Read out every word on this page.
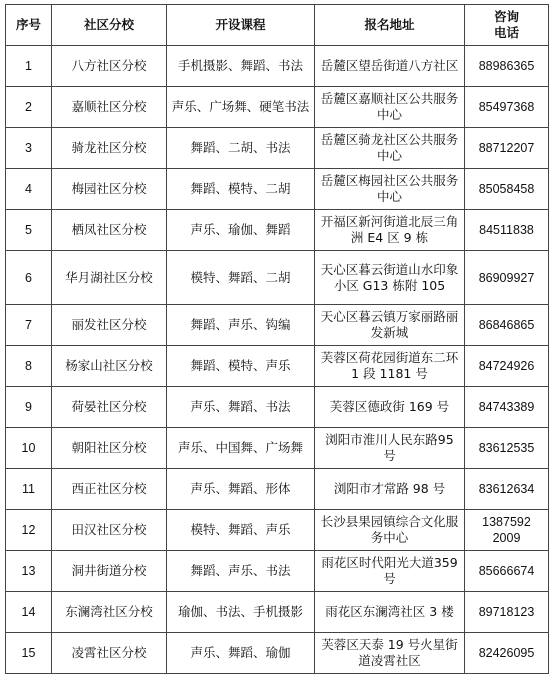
序号	社区分校	开设课程	报名地址	咨询
电话
1	八方社区分校	手机摄影、舞蹈、书法	岳麓区望岳街道八方社区	88986365
2	嘉顺社区分校	声乐、广场舞、硬笔书法	岳麓区嘉顺社区公共服务中心	85497368
3	骑龙社区分校	舞蹈、二胡、书法	岳麓区骑龙社区公共服务中心	88712207
4	梅园社区分校	舞蹈、模特、二胡	岳麓区梅园社区公共服务中心	85058458
5	栖凤社区分校	声乐、瑜伽、舞蹈	开福区新河街道北辰三角洲 E4 区 9 栋	84511838
6	华月湖社区分校	模特、舞蹈、二胡	天心区暮云街道山水印象小区 G13 栋附 105	86909927
7	丽发社区分校	舞蹈、声乐、钩编	天心区暮云镇万家丽路丽发新城	86846865
8	杨家山社区分校	舞蹈、模特、声乐	芙蓉区荷花园街道东二环 1 段 1181 号	84724926
9	荷晏社区分校	声乐、舞蹈、书法	芙蓉区德政街 169 号	84743389
10	朝阳社区分校	声乐、中国舞、广场舞	浏阳市淮川人民东路95 号	83612535
11	西正社区分校	声乐、舞蹈、形体	浏阳市才常路 98 号	83612634
12	田汉社区分校	模特、舞蹈、声乐	长沙县果园镇综合文化服务中心	1387592
2009
13	洞井街道分校	舞蹈、声乐、书法	雨花区时代阳光大道359 号	85666674
14	东澜湾社区分校	瑜伽、书法、手机摄影	雨花区东澜湾社区 3 楼	89718123
15	凌霄社区分校	声乐、舞蹈、瑜伽	芙蓉区天泰 19 号火星街道凌霄社区	82426095
